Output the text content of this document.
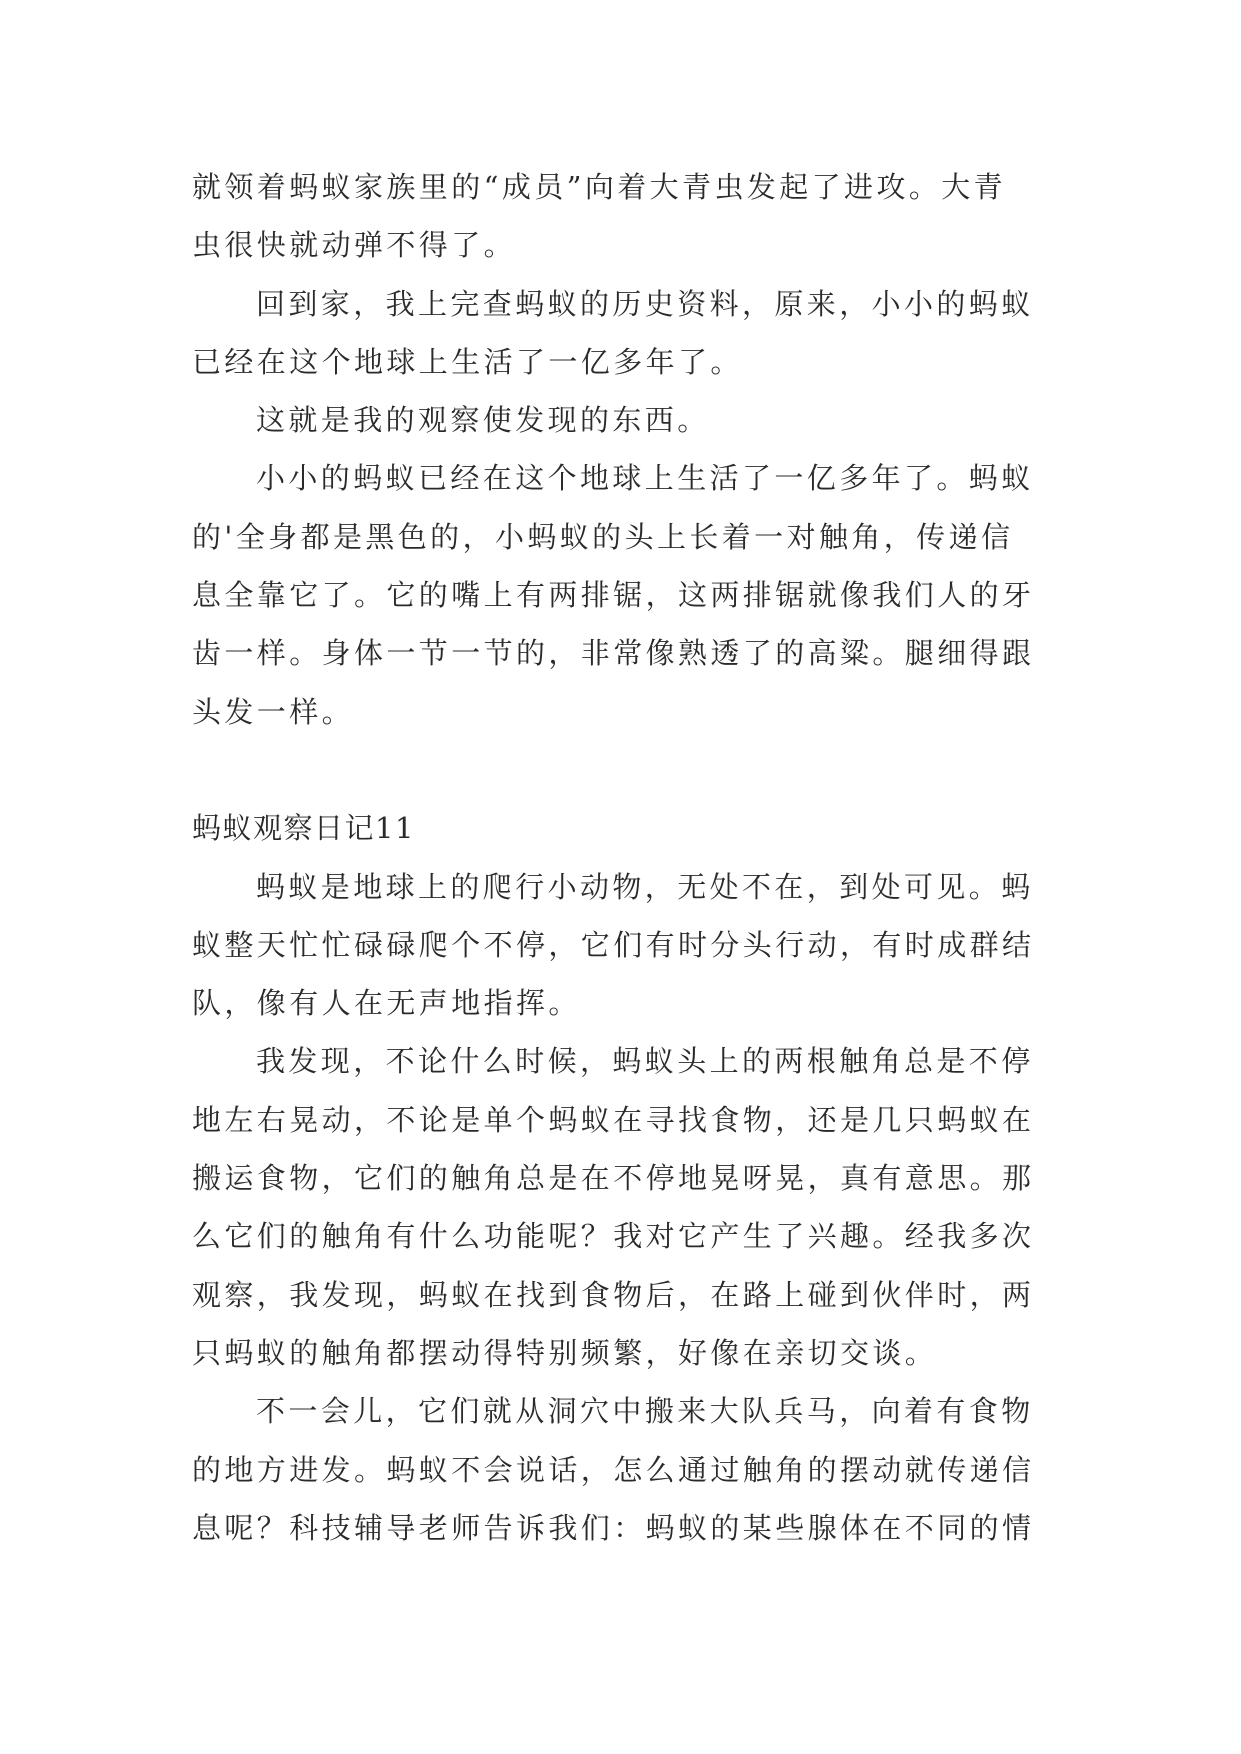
就领着蚂蚁家族里的“成员”向着大青虫发起了进攻。大青
虫很快就动弹不得了。
回到家，我上完查蚂蚁的历史资料，原来，小小的蚂蚁
已经在这个地球上生活了一亿多年了。
这就是我的观察使发现的东西。
小小的蚂蚁已经在这个地球上生活了一亿多年了。蚂蚁
的'全身都是黑色的，小蚂蚁的头上长着一对触角，传递信
息全靠它了。它的嘴上有两排锯，这两排锯就像我们人的牙
齿一样。身体一节一节的，非常像熟透了的高粱。腿细得跟
头发一样。
蚂蚁观察日记11
蚂蚁是地球上的爬行小动物，无处不在，到处可见。蚂
蚁整天忙忙碌碌爬个不停，它们有时分头行动，有时成群结
队，像有人在无声地指挥。
我发现，不论什么时候，蚂蚁头上的两根触角总是不停
地左右晃动，不论是单个蚂蚁在寻找食物，还是几只蚂蚁在
搬运食物，它们的触角总是在不停地晃呀晃，真有意思。那
么它们的触角有什么功能呢？我对它产生了兴趣。经我多次
观察，我发现，蚂蚁在找到食物后，在路上碰到伙伴时，两
只蚂蚁的触角都摆动得特别频繁，好像在亲切交谈。
不一会儿，它们就从洞穴中搬来大队兵马，向着有食物
的地方进发。蚂蚁不会说话，怎么通过触角的摆动就传递信
息呢？科技辅导老师告诉我们：蚂蚁的某些腺体在不同的情
